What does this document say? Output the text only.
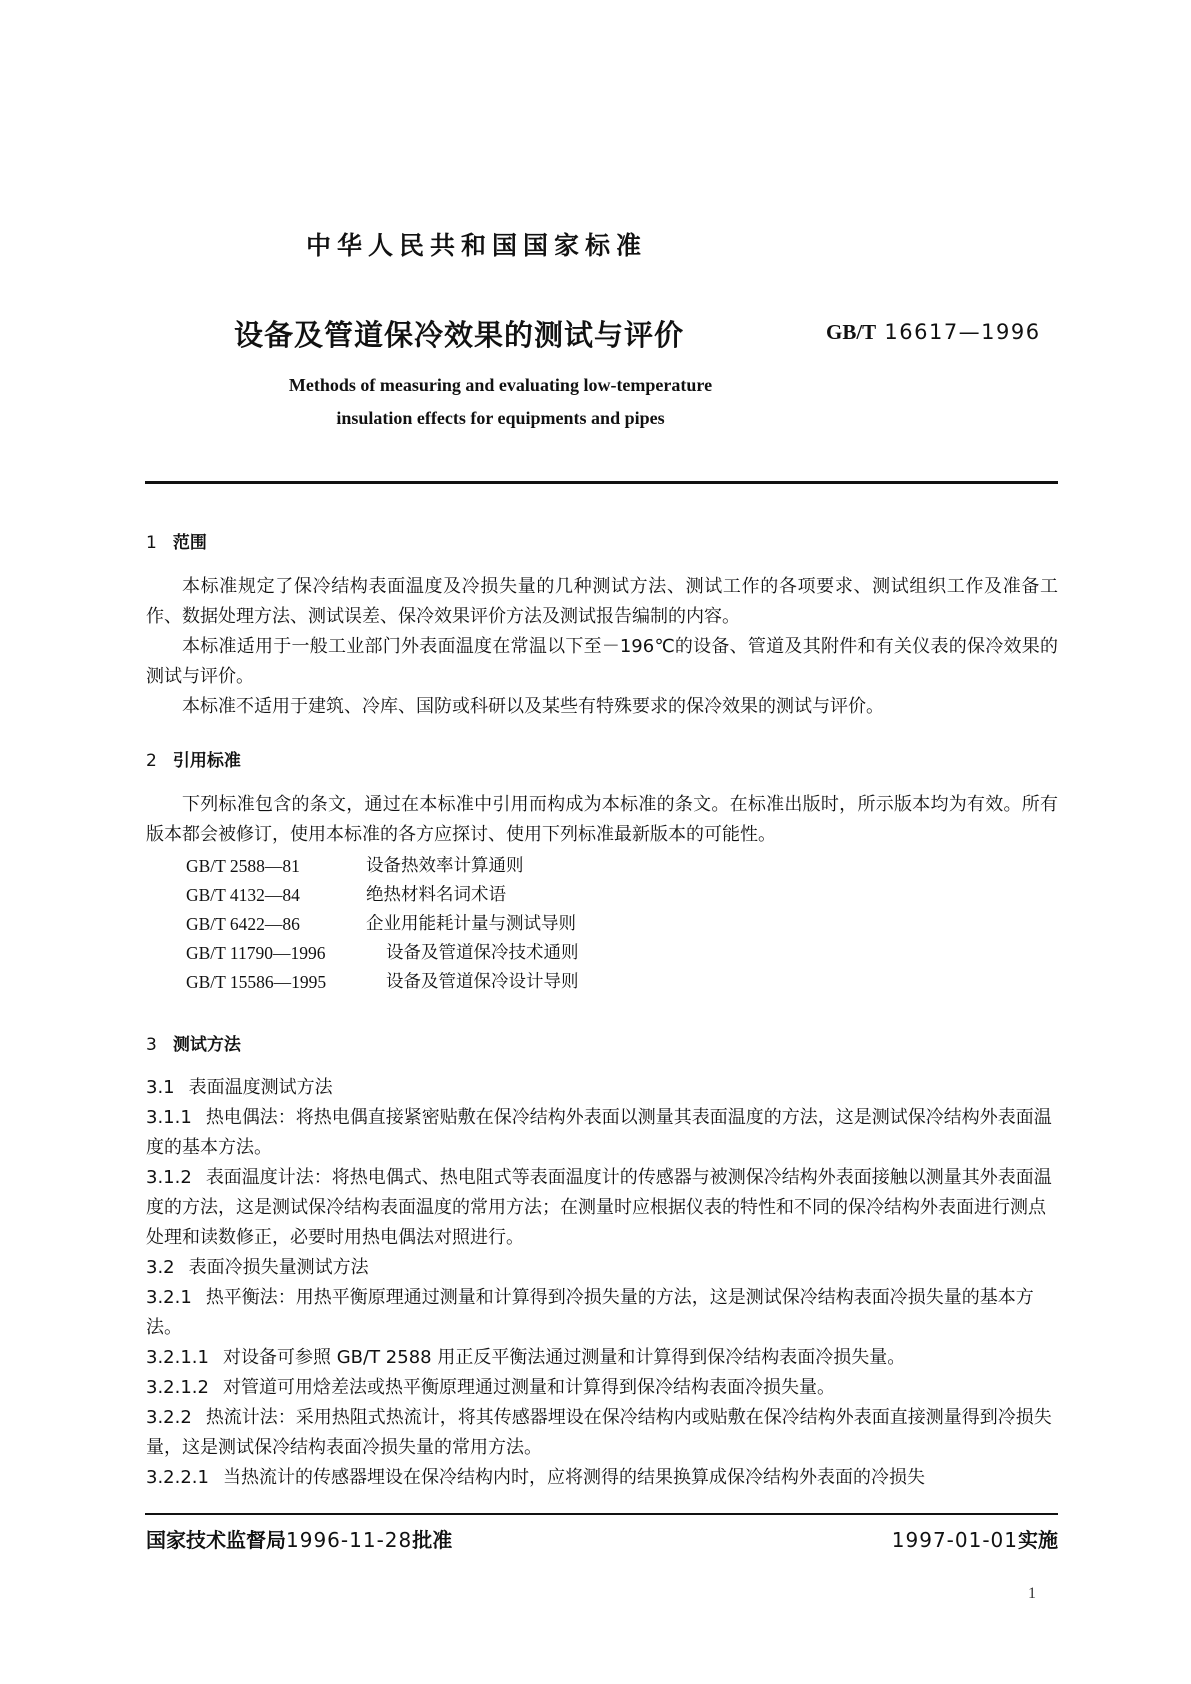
中华人民共和国国家标准
设备及管道保冷效果的测试与评价	GB/T 16617—1996
Methods of measuring and evaluating low-temperature
insulation effects for equipments and pipes
1 范围
本标准规定了保冷结构表面温度及冷损失量的几种测试方法、测试工作的各项要求、测试组织工作及准备工作、数据处理方法、测试误差、保冷效果评价方法及测试报告编制的内容。
本标准适用于一般工业部门外表面温度在常温以下至－196℃的设备、管道及其附件和有关仪表的保冷效果的测试与评价。
本标准不适用于建筑、冷库、国防或科研以及某些有特殊要求的保冷效果的测试与评价。
2 引用标准
下列标准包含的条文，通过在本标准中引用而构成为本标准的条文。在标准出版时，所示版本均为有效。所有版本都会被修订，使用本标准的各方应探讨、使用下列标准最新版本的可能性。
GB/T 2588—81	设备热效率计算通则
GB/T 4132—84	绝热材料名词术语
GB/T 6422—86	企业用能耗计量与测试导则
GB/T 11790—1996	设备及管道保冷技术通则
GB/T 15586—1995	设备及管道保冷设计导则
3 测试方法
3.1 表面温度测试方法
3.1.1 热电偶法：将热电偶直接紧密贴敷在保冷结构外表面以测量其表面温度的方法，这是测试保冷结构外表面温度的基本方法。
3.1.2 表面温度计法：将热电偶式、热电阻式等表面温度计的传感器与被测保冷结构外表面接触以测量其外表面温度的方法，这是测试保冷结构表面温度的常用方法；在测量时应根据仪表的特性和不同的保冷结构外表面进行测点处理和读数修正，必要时用热电偶法对照进行。
3.2 表面冷损失量测试方法
3.2.1 热平衡法：用热平衡原理通过测量和计算得到冷损失量的方法，这是测试保冷结构表面冷损失量的基本方法。
3.2.1.1 对设备可参照 GB/T 2588 用正反平衡法通过测量和计算得到保冷结构表面冷损失量。
3.2.1.2 对管道可用焓差法或热平衡原理通过测量和计算得到保冷结构表面冷损失量。
3.2.2 热流计法：采用热阻式热流计，将其传感器埋设在保冷结构内或贴敷在保冷结构外表面直接测量得到冷损失量，这是测试保冷结构表面冷损失量的常用方法。
3.2.2.1 当热流计的传感器埋设在保冷结构内时，应将测得的结果换算成保冷结构外表面的冷损失
国家技术监督局1996-11-28批准	1997-01-01实施
1
